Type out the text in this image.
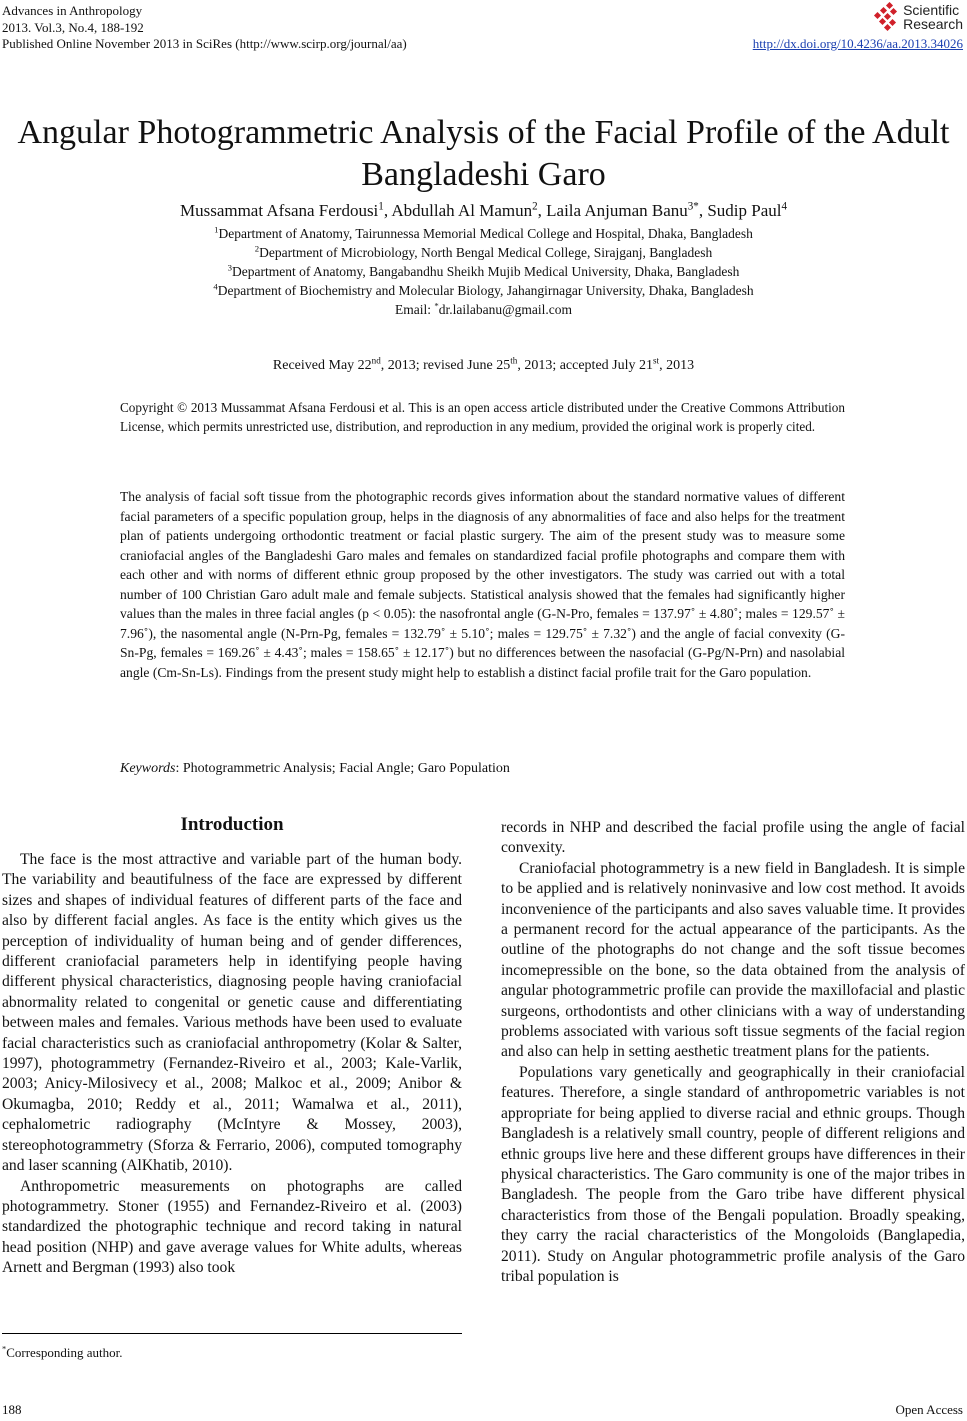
Advances in Anthropology
2013. Vol.3, No.4, 188-192
Published Online November 2013 in SciRes (http://www.scirp.org/journal/aa)
Scientific
Research
http://dx.doi.org/10.4236/aa.2013.34026
Angular Photogrammetric Analysis of the Facial Profile of the Adult Bangladeshi Garo
Mussammat Afsana Ferdousi$^1$, Abdullah Al Mamun$^2$, Laila Anjuman Banu$^{3*}$, Sudip Paul$^4$
$^1$Department of Anatomy, Tairunnessa Memorial Medical College and Hospital, Dhaka, Bangladesh
$^2$Department of Microbiology, North Bengal Medical College, Sirajganj, Bangladesh
$^3$Department of Anatomy, Bangabandhu Sheikh Mujib Medical University, Dhaka, Bangladesh
$^4$Department of Biochemistry and Molecular Biology, Jahangirnagar University, Dhaka, Bangladesh
Email: *dr.lailabanu@gmail.com
Received May 22nd, 2013; revised June 25th, 2013; accepted July 21st, 2013
Copyright © 2013 Mussammat Afsana Ferdousi et al. This is an open access article distributed under the Creative Commons Attribution License, which permits unrestricted use, distribution, and reproduction in any medium, provided the original work is properly cited.
The analysis of facial soft tissue from the photographic records gives information about the standard normative values of different facial parameters of a specific population group, helps in the diagnosis of any abnormalities of face and also helps for the treatment plan of patients undergoing orthodontic treatment or facial plastic surgery. The aim of the present study was to measure some craniofacial angles of the Bangladeshi Garo males and females on standardized facial profile photographs and compare them with each other and with norms of different ethnic group proposed by the other investigators. The study was carried out with a total number of 100 Christian Garo adult male and female subjects. Statistical analysis showed that the females had significantly higher values than the males in three facial angles (p < 0.05): the nasofrontal angle (G-N-Pro, females = 137.97˚ ± 4.80˚; males = 129.57˚ ± 7.96˚), the nasomental angle (N-Prn-Pg, females = 132.79˚ ± 5.10˚; males = 129.75˚ ± 7.32˚) and the angle of facial convexity (G-Sn-Pg, females = 169.26˚ ± 4.43˚; males = 158.65˚ ± 12.17˚) but no differences between the nasofacial (G-Pg/N-Prn) and nasolabial angle (Cm-Sn-Ls). Findings from the present study might help to establish a distinct facial profile trait for the Garo population.
Keywords: Photogrammetric Analysis; Facial Angle; Garo Population
Introduction

The face is the most attractive and variable part of the human body. The variability and beautifulness of the face are expressed by different sizes and shapes of individual features of different parts of the face and also by different facial angles. As face is the entity which gives us the perception of individuality of human being and of gender differences, different craniofacial parameters help in identifying people having different physical characteristics, diagnosing people having craniofacial abnormality related to congenital or genetic cause and differentiating between males and females. Various methods have been used to evaluate facial characteristics such as craniofacial anthropometry (Kolar & Salter, 1997), photogrammetry (Fernandez-Riveiro et al., 2003; Kale-Varlik, 2003; Anicy-Milosivecy et al., 2008; Malkoc et al., 2009; Anibor & Okumagba, 2010; Reddy et al., 2011; Wamalwa et al., 2011), cephalometric radiography (McIntyre & Mossey, 2003), stereophotogrammetry (Sforza & Ferrario, 2006), computed tomography and laser scanning (AlKhatib, 2010).

Anthropometric measurements on photographs are called photogrammetry. Stoner (1955) and Fernandez-Riveiro et al. (2003) standardized the photographic technique and record taking in natural head position (NHP) and gave average values for White adults, whereas Arnett and Bergman (1993) also took

records in NHP and described the facial profile using the angle of facial convexity.

Craniofacial photogrammetry is a new field in Bangladesh. It is simple to be applied and is relatively noninvasive and low cost method. It avoids inconvenience of the participants and also saves valuable time. It provides a permanent record for the actual appearance of the participants. As the outline of the photographs do not change and the soft tissue becomes incomepressible on the bone, so the data obtained from the analysis of angular photogrammetric profile can provide the maxillofacial and plastic surgeons, orthodontists and other clinicians with a way of understanding problems associated with various soft tissue segments of the facial region and also can help in setting aesthetic treatment plans for the patients.

Populations vary genetically and geographically in their craniofacial features. Therefore, a single standard of anthropometric variables is not appropriate for being applied to diverse racial and ethnic groups. Though Bangladesh is a relatively small country, people of different religions and ethnic groups live here and these different groups have differences in their physical characteristics. The Garo community is one of the major tribes in Bangladesh. The people from the Garo tribe have different physical characteristics from those of the Bengali population. Broadly speaking, they carry the racial characteristics of the Mongoloids (Banglapedia, 2011). Study on Angular photogrammetric profile analysis of the Garo tribal population is

*Corresponding author.
188	Open Access
